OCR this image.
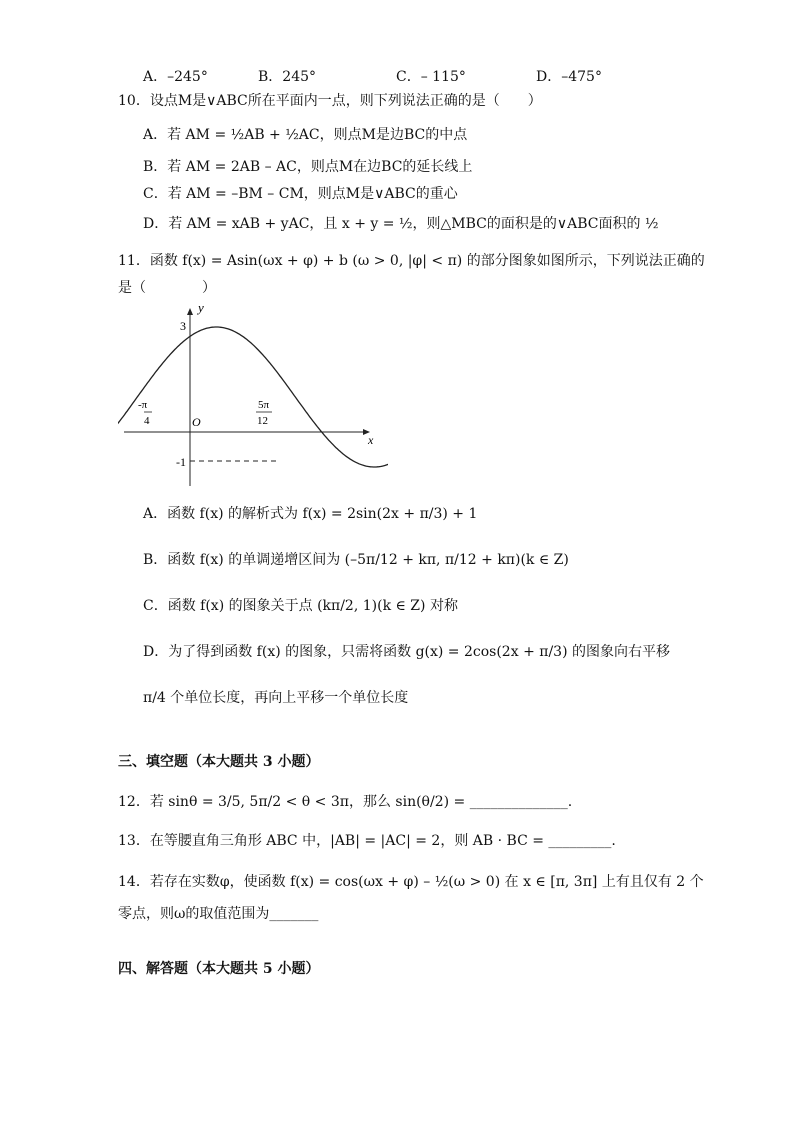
A．–245°	B．245°	C．– 115°	D．–475°
10．设点M是∨ABC所在平面内一点，则下列说法正确的是（　　）
A．若 AM = ½AB + ½AC，则点M是边BC的中点
B．若 AM = 2AB – AC，则点M在边BC的延长线上
C．若 AM = –BM – CM，则点M是∨ABC的重心
D．若 AM = xAB + yAC，且 x + y = ½，则△MBC的面积是的∨ABC面积的 ½
11．函数 f(x) = Asin(ωx + φ) + b (ω > 0, |φ| < π) 的部分图象如图所示，下列说法正确的
是（　　　　）
y
x
O
3
-1
-π
4
5π
12
A．函数 f(x) 的解析式为 f(x) = 2sin(2x + π/3) + 1
B．函数 f(x) 的单调递增区间为 (–5π/12 + kπ, π/12 + kπ)(k ∈ Z)
C．函数 f(x) 的图象关于点 (kπ/2, 1)(k ∈ Z) 对称
D．为了得到函数 f(x) 的图象，只需将函数 g(x) = 2cos(2x + π/3) 的图象向右平移
π/4 个单位长度，再向上平移一个单位长度
三、填空题（本大题共 3 小题）
12．若 sinθ = 3/5, 5π/2 < θ < 3π，那么 sin(θ/2) = ______________.
13．在等腰直角三角形 ABC 中，|AB| = |AC| = 2，则 AB · BC = _________.
14．若存在实数φ，使函数 f(x) = cos(ωx + φ) – ½(ω > 0) 在 x ∈ [π, 3π] 上有且仅有 2 个
零点，则ω的取值范围为_______
四、解答题（本大题共 5 小题）
